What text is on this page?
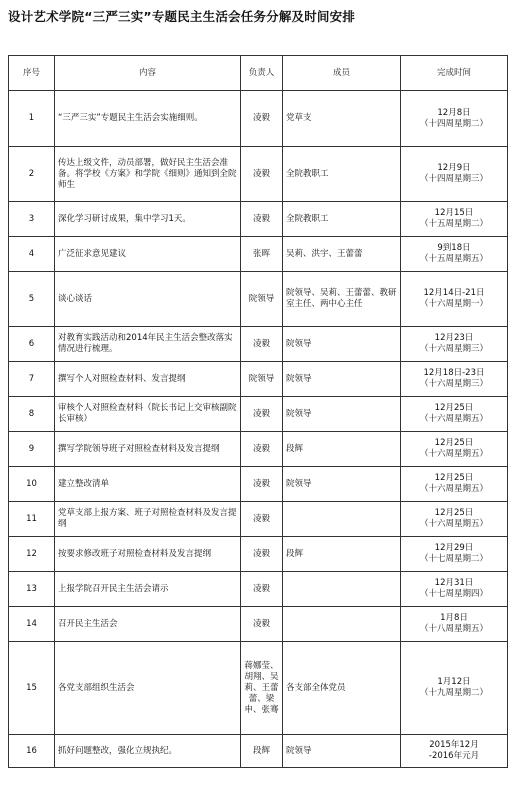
设计艺术学院“三严三实”专题民主生活会任务分解及时间安排
序号	内容	负责人	成员	完成时间
1	“三严三实”专题民主生活会实施细则。	凌毅	党草支	12月8日
（十四周星期二）

2	传达上级文件，动员部署，做好民主生活会准备。将学校《方案》和学院《细则》通知到全院师生	凌毅	全院教职工	12月9日
（十四周星期三）

3	深化学习研讨成果，集中学习1天。	凌毅	全院教职工	12月15日
（十五周星期二）

4	广泛征求意见建议	张晖	吴莉、洪宇、王蕾蕾	9到18日
（十五周星期五）

5	谈心谈话	院领导	院领导、吴莉、王蕾蕾、教研室主任、两中心主任	12月14日-21日
（十六周星期一）

6	对教育实践活动和2014年民主生活会整改落实情况进行梳理。	凌毅	院领导	12月23日
（十六周星期三）

7	撰写个人对照检查材料、发言提纲	院领导	院领导	12月18日-23日
（十六周星期三）

8	审核个人对照检查材料（院长书记上交审核副院长审核）	凌毅	院领导	12月25日
（十六周星期五）

9	撰写学院领导班子对照检查材料及发言提纲	凌毅	段辉	12月25日
（十六周星期五）

10	建立整改清单	凌毅	院领导	12月25日
（十六周星期五）

11	党草支部上报方案、班子对照检查材料及发言提纲	凌毅		12月25日
（十六周星期五）

12	按要求修改班子对照检查材料及发言提纲	凌毅	段辉	12月29日
（十七周星期二）

13	上报学院召开民主生活会请示	凌毅		12月31日
（十七周星期四）

14	召开民主生活会	凌毅		1月8日
（十八周星期五）

15	各党支部组织生活会	蒋娜莹、胡翔、吴莉、王蕾蕾、梁申、张骞	各支部全体党员	1月12日
（十九周星期二）

16	抓好问题整改，强化立规执纪。	段辉	院领导	2015年12月
-2016年元月
